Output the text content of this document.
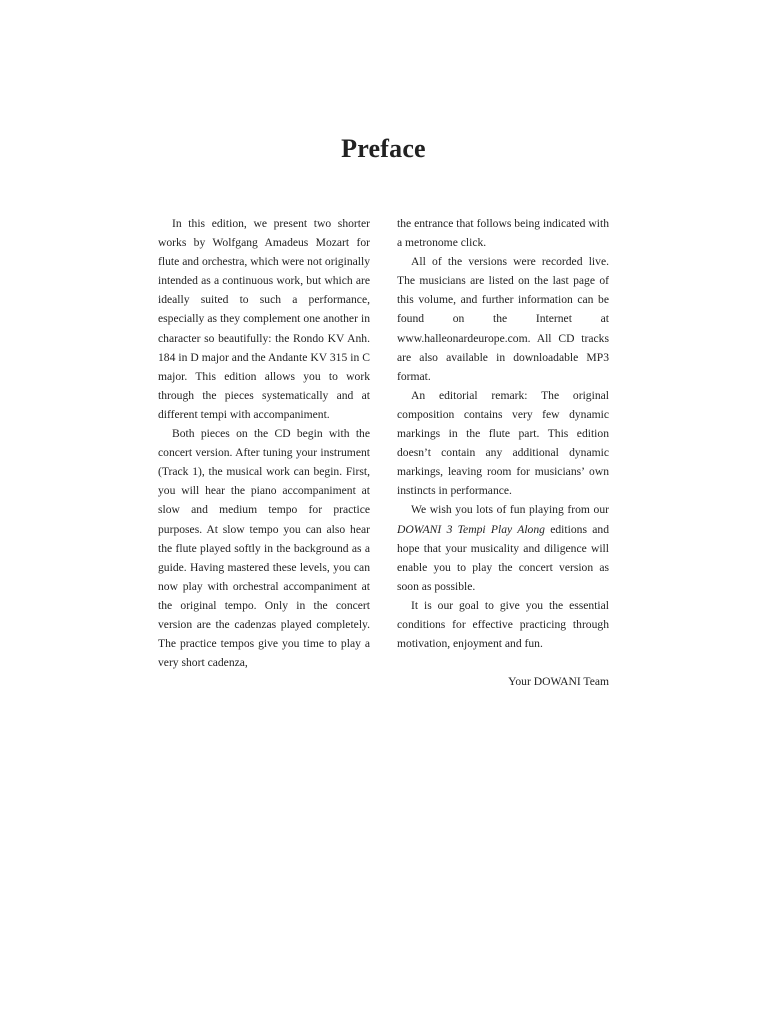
Preface

In this edition, we present two shorter works by Wolfgang Amadeus Mozart for flute and orchestra, which were not originally intended as a continuous work, but which are ideally suited to such a performance, especially as they complement one another in character so beautifully: the Rondo KV Anh. 184 in D major and the Andante KV 315 in C major. This edition allows you to work through the pieces systematically and at different tempi with accompaniment.

Both pieces on the CD begin with the concert version. After tuning your instrument (Track 1), the musical work can begin. First, you will hear the piano accompaniment at slow and medium tempo for practice purposes. At slow tempo you can also hear the flute played softly in the background as a guide. Having mastered these levels, you can now play with orchestral accompaniment at the original tempo. Only in the concert version are the cadenzas played completely. The practice tempos give you time to play a very short cadenza,

the entrance that follows being indicated with a metronome click.

All of the versions were recorded live. The musicians are listed on the last page of this volume, and further information can be found on the Internet at www.halleonardeurope.com. All CD tracks are also available in downloadable MP3 format.

An editorial remark: The original composition contains very few dynamic markings in the flute part. This edition doesn’t contain any additional dynamic markings, leaving room for musicians’ own instincts in performance.

We wish you lots of fun playing from our DOWANI 3 Tempi Play Along editions and hope that your musicality and diligence will enable you to play the concert version as soon as possible.

It is our goal to give you the essential conditions for effective practicing through motivation, enjoyment and fun.

Your DOWANI Team
